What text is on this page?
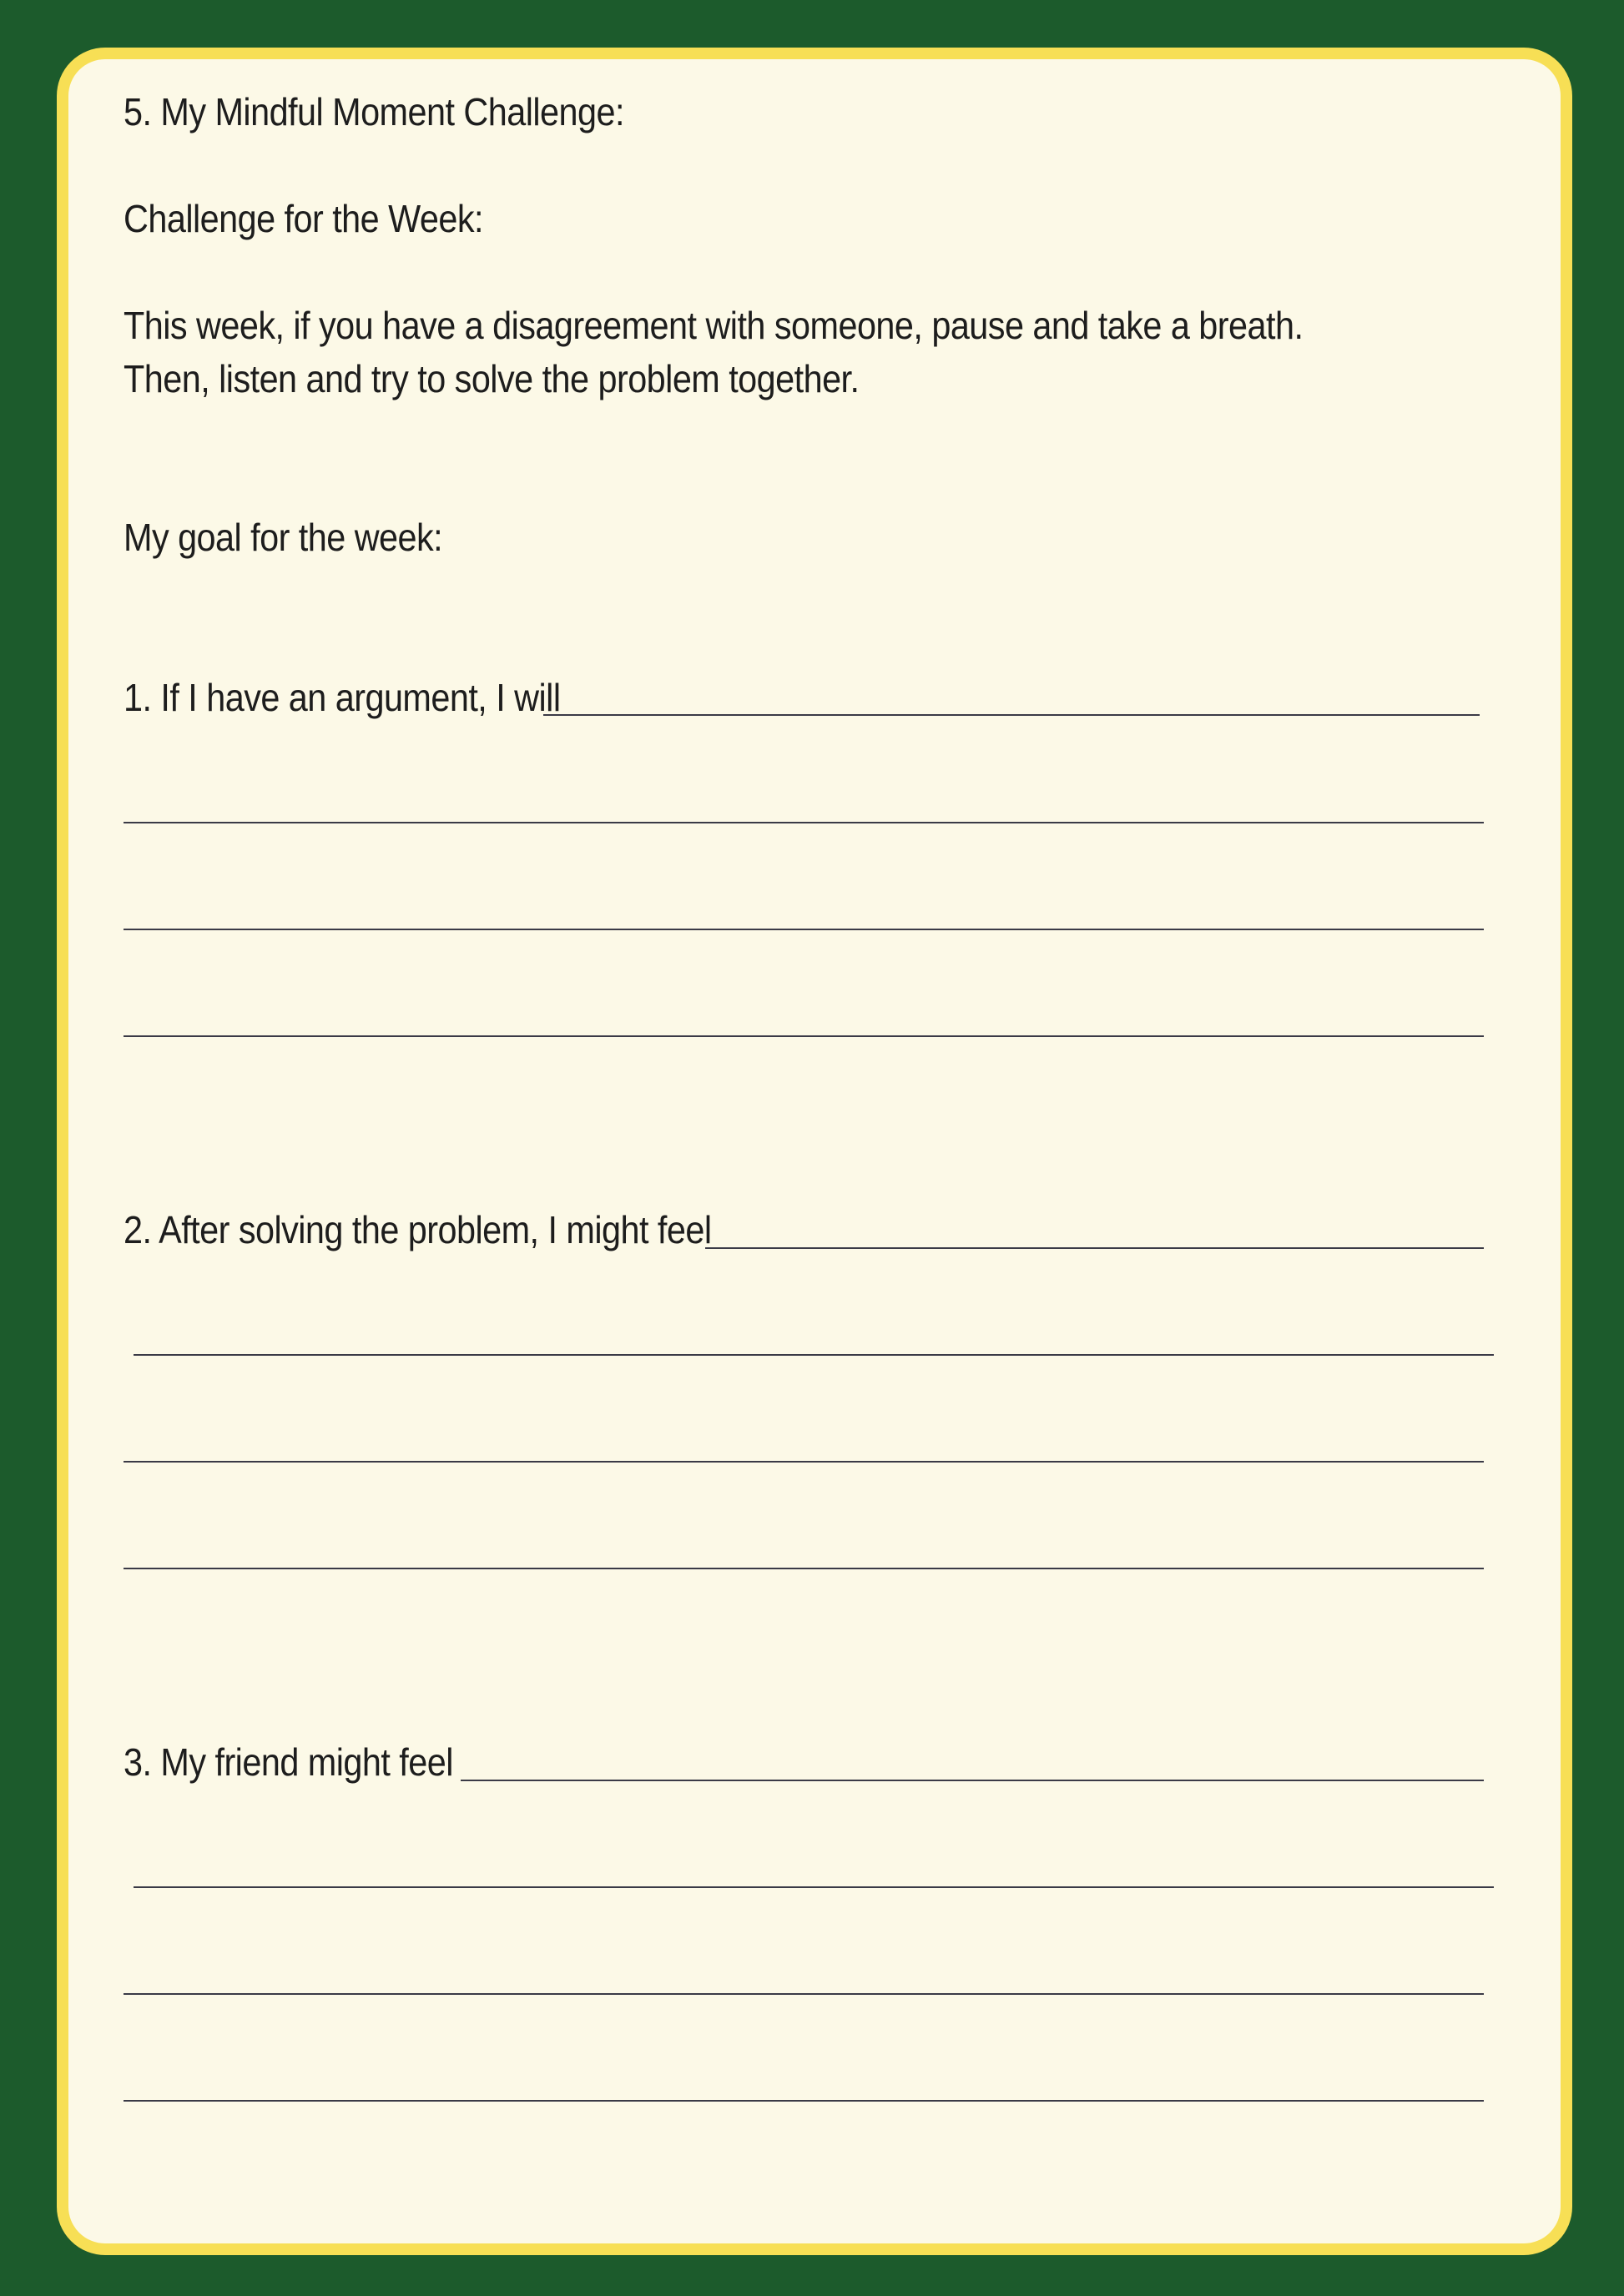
5. My Mindful Moment Challenge:
Challenge for the Week:
This week, if you have a disagreement with someone, pause and take a breath.
Then, listen and try to solve the problem together.
My goal for the week:
1. If I have an argument, I will
2. After solving the problem, I might feel
3. My friend might feel
